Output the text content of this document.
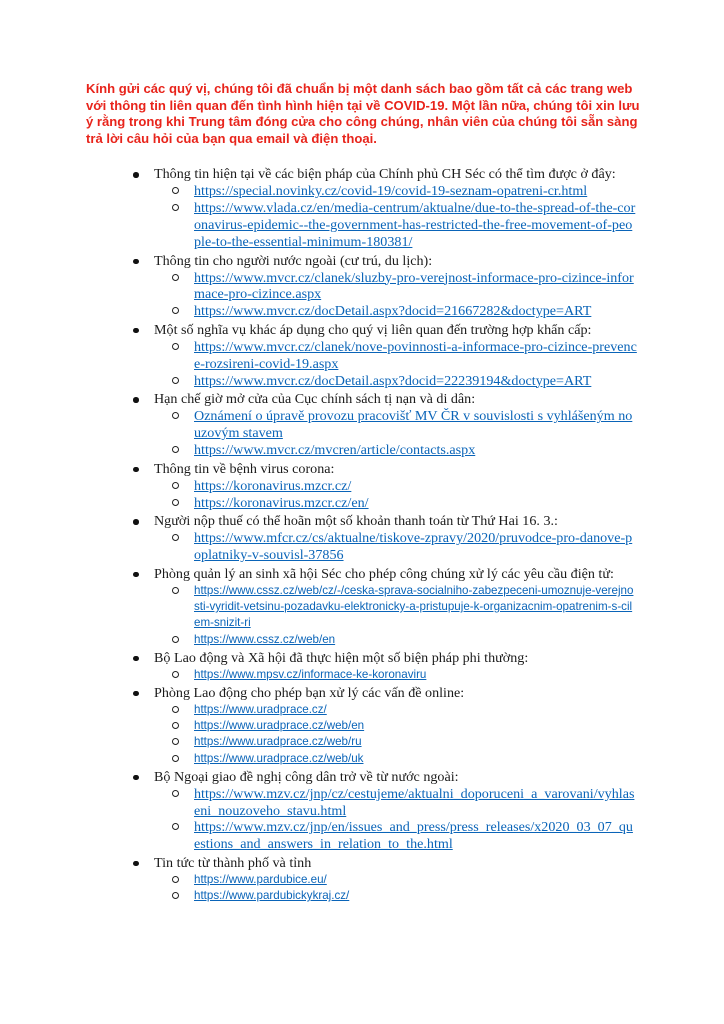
Kính gửi các quý vị, chúng tôi đã chuẩn bị một danh sách bao gồm tất cả các trang web với thông tin liên quan đến tình hình hiện tại về COVID-19. Một lần nữa, chúng tôi xin lưu ý rằng trong khi Trung tâm đóng cửa cho công chúng, nhân viên của chúng tôi sẵn sàng trả lời câu hỏi của bạn qua email và điện thoại.

Thông tin hiện tại về các biện pháp của Chính phủ CH Séc có thể tìm được ở đây:
https://special.novinky.cz/covid-19/covid-19-seznam-opatreni-cr.html
https://www.vlada.cz/en/media-centrum/aktualne/due-to-the-spread-of-the-coronavirus-epidemic--the-government-has-restricted-the-free-movement-of-people-to-the-essential-minimum-180381/
Thông tin cho người nước ngoài (cư trú, du lịch):
https://www.mvcr.cz/clanek/sluzby-pro-verejnost-informace-pro-cizince-informace-pro-cizince.aspx
https://www.mvcr.cz/docDetail.aspx?docid=21667282&doctype=ART
Một số nghĩa vụ khác áp dụng cho quý vị liên quan đến trường hợp khẩn cấp:
https://www.mvcr.cz/clanek/nove-povinnosti-a-informace-pro-cizince-prevence-rozsireni-covid-19.aspx
https://www.mvcr.cz/docDetail.aspx?docid=22239194&doctype=ART
Hạn chế giờ mở cửa của Cục chính sách tị nạn và di dân:
Oznámení o úpravě provozu pracovišť MV ČR v souvislosti s vyhlášeným nouzovým stavem
https://www.mvcr.cz/mvcren/article/contacts.aspx
Thông tin về bệnh virus corona:
https://koronavirus.mzcr.cz/
https://koronavirus.mzcr.cz/en/
Người nộp thuế có thể hoãn một số khoản thanh toán từ Thứ Hai 16. 3.:
https://www.mfcr.cz/cs/aktualne/tiskove-zpravy/2020/pruvodce-pro-danove-poplatniky-v-souvisl-37856
Phòng quản lý an sinh xã hội Séc cho phép công chúng xử lý các yêu cầu điện tử:
https://www.cssz.cz/web/cz/-/ceska-sprava-socialniho-zabezpeceni-umoznuje-verejnosti-vyridit-vetsinu-pozadavku-elektronicky-a-pristupuje-k-organizacnim-opatrenim-s-cilem-snizit-ri
https://www.cssz.cz/web/en
Bộ Lao động và Xã hội đã thực hiện một số biện pháp phi thường:
https://www.mpsv.cz/informace-ke-koronaviru
Phòng Lao động cho phép bạn xử lý các vấn đề online:
https://www.uradprace.cz/
https://www.uradprace.cz/web/en
https://www.uradprace.cz/web/ru
https://www.uradprace.cz/web/uk
Bộ Ngoại giao đề nghị công dân trở về từ nước ngoài:
https://www.mzv.cz/jnp/cz/cestujeme/aktualni_doporuceni_a_varovani/vyhlaseni_nouzoveho_stavu.html
https://www.mzv.cz/jnp/en/issues_and_press/press_releases/x2020_03_07_questions_and_answers_in_relation_to_the.html
Tin tức từ thành phố và tỉnh
https://www.pardubice.eu/
https://www.pardubickykraj.cz/
